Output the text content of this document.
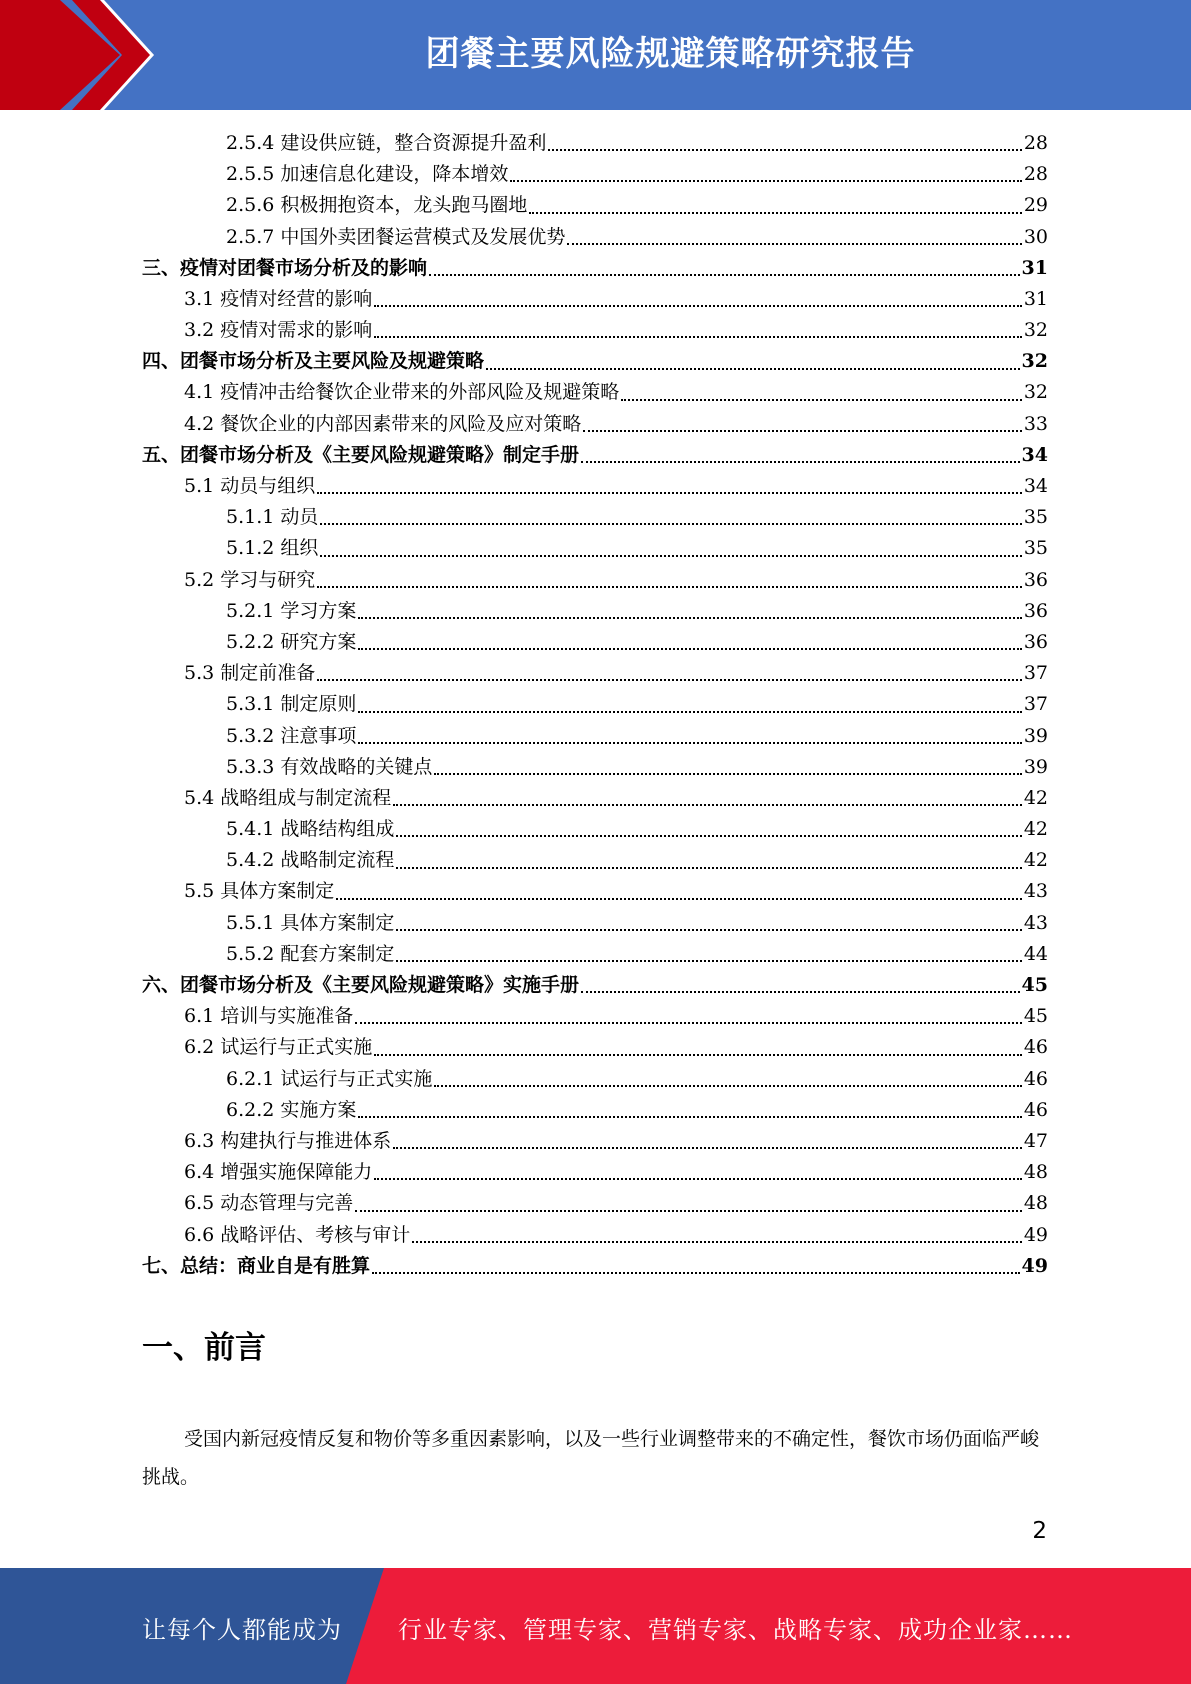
团餐主要风险规避策略研究报告
2.5.4 建设供应链，整合资源提升盈利	28
2.5.5 加速信息化建设，降本增效	28
2.5.6 积极拥抱资本，龙头跑马圈地	29
2.5.7 中国外卖团餐运营模式及发展优势	30
三、疫情对团餐市场分析及的影响	31
3.1 疫情对经营的影响	31
3.2 疫情对需求的影响	32
四、团餐市场分析及主要风险及规避策略	32
4.1 疫情冲击给餐饮企业带来的外部风险及规避策略	32
4.2 餐饮企业的内部因素带来的风险及应对策略	33
五、团餐市场分析及《主要风险规避策略》制定手册	34
5.1 动员与组织	34
5.1.1 动员	35
5.1.2 组织	35
5.2 学习与研究	36
5.2.1 学习方案	36
5.2.2 研究方案	36
5.3 制定前准备	37
5.3.1 制定原则	37
5.3.2 注意事项	39
5.3.3 有效战略的关键点	39
5.4 战略组成与制定流程	42
5.4.1 战略结构组成	42
5.4.2 战略制定流程	42
5.5 具体方案制定	43
5.5.1 具体方案制定	43
5.5.2 配套方案制定	44
六、团餐市场分析及《主要风险规避策略》实施手册	45
6.1 培训与实施准备	45
6.2 试运行与正式实施	46
6.2.1 试运行与正式实施	46
6.2.2 实施方案	46
6.3 构建执行与推进体系	47
6.4 增强实施保障能力	48
6.5 动态管理与完善	48
6.6 战略评估、考核与审计	49
七、总结：商业自是有胜算	49
一、前言
受国内新冠疫情反复和物价等多重因素影响，以及一些行业调整带来的不确定性，餐饮市场仍面临严峻挑战。
2
让每个人都能成为 行业专家、管理专家、营销专家、战略专家、成功企业家……
